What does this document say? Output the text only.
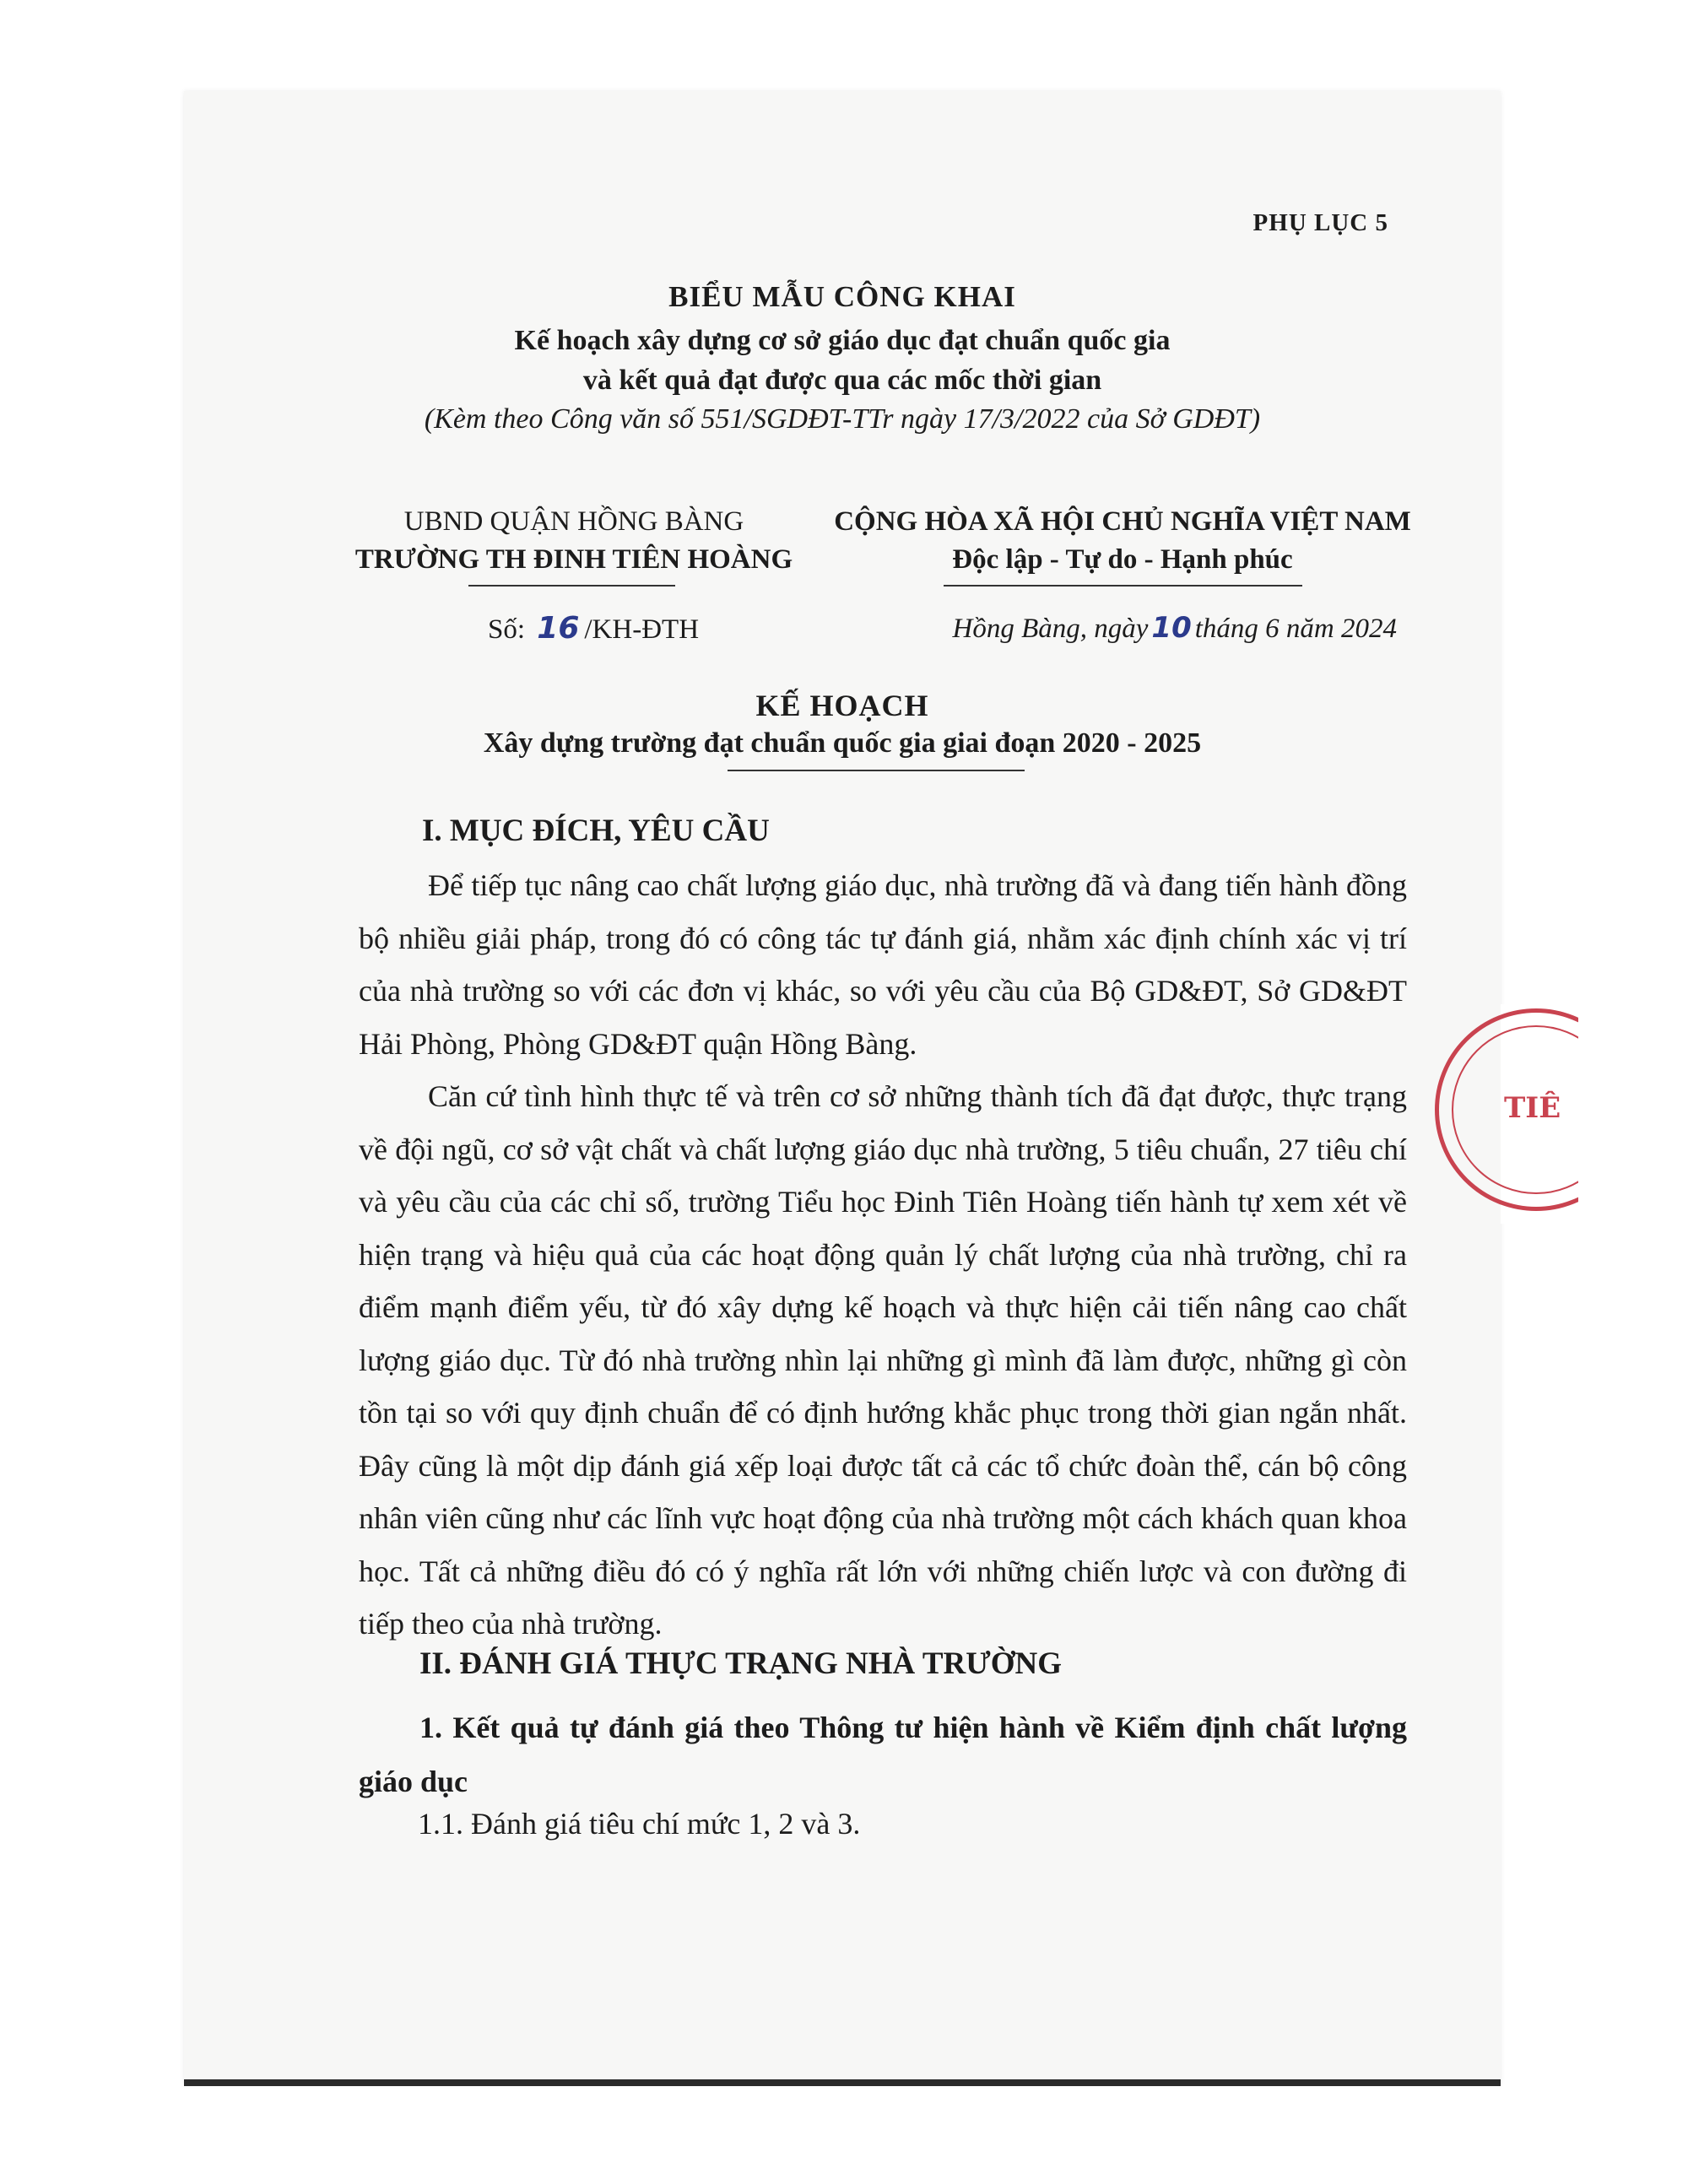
PHỤ LỤC 5
BIỂU MẪU CÔNG KHAI
Kế hoạch xây dựng cơ sở giáo dục đạt chuẩn quốc gia
và kết quả đạt được qua các mốc thời gian
(Kèm theo Công văn số 551/SGDĐT-TTr ngày 17/3/2022 của Sở GDĐT)
UBND QUẬN HỒNG BÀNG
TRƯỜNG TH ĐINH TIÊN HOÀNG
CỘNG HÒA XÃ HỘI CHỦ NGHĨA VIỆT NAM
Độc lập - Tự do - Hạnh phúc
Số: 16 /KH-ĐTH	Hồng Bàng, ngày 10 tháng 6 năm 2024
KẾ HOẠCH
Xây dựng trường đạt chuẩn quốc gia giai đoạn 2020 - 2025
I. MỤC ĐÍCH, YÊU CẦU
Để tiếp tục nâng cao chất lượng giáo dục, nhà trường đã và đang tiến hành đồng bộ nhiều giải pháp, trong đó có công tác tự đánh giá, nhằm xác định chính xác vị trí của nhà trường so với các đơn vị khác, so với yêu cầu của Bộ GD&ĐT, Sở GD&ĐT Hải Phòng, Phòng GD&ĐT quận Hồng Bàng.
Căn cứ tình hình thực tế và trên cơ sở những thành tích đã đạt được, thực trạng về đội ngũ, cơ sở vật chất và chất lượng giáo dục nhà trường, 5 tiêu chuẩn, 27 tiêu chí và yêu cầu của các chỉ số, trường Tiểu học Đinh Tiên Hoàng tiến hành tự xem xét về hiện trạng và hiệu quả của các hoạt động quản lý chất lượng của nhà trường, chỉ ra điểm mạnh điểm yếu, từ đó xây dựng kế hoạch và thực hiện cải tiến nâng cao chất lượng giáo dục. Từ đó nhà trường nhìn lại những gì mình đã làm được, những gì còn tồn tại so với quy định chuẩn để có định hướng khắc phục trong thời gian ngắn nhất. Đây cũng là một dịp đánh giá xếp loại được tất cả các tổ chức đoàn thể, cán bộ công nhân viên cũng như các lĩnh vực hoạt động của nhà trường một cách khách quan khoa học. Tất cả những điều đó có ý nghĩa rất lớn với những chiến lược và con đường đi tiếp theo của nhà trường.
II. ĐÁNH GIÁ THỰC TRẠNG NHÀ TRƯỜNG
1. Kết quả tự đánh giá theo Thông tư hiện hành về Kiểm định chất lượng giáo dục
1.1. Đánh giá tiêu chí mức 1, 2 và 3.
TIÊ
